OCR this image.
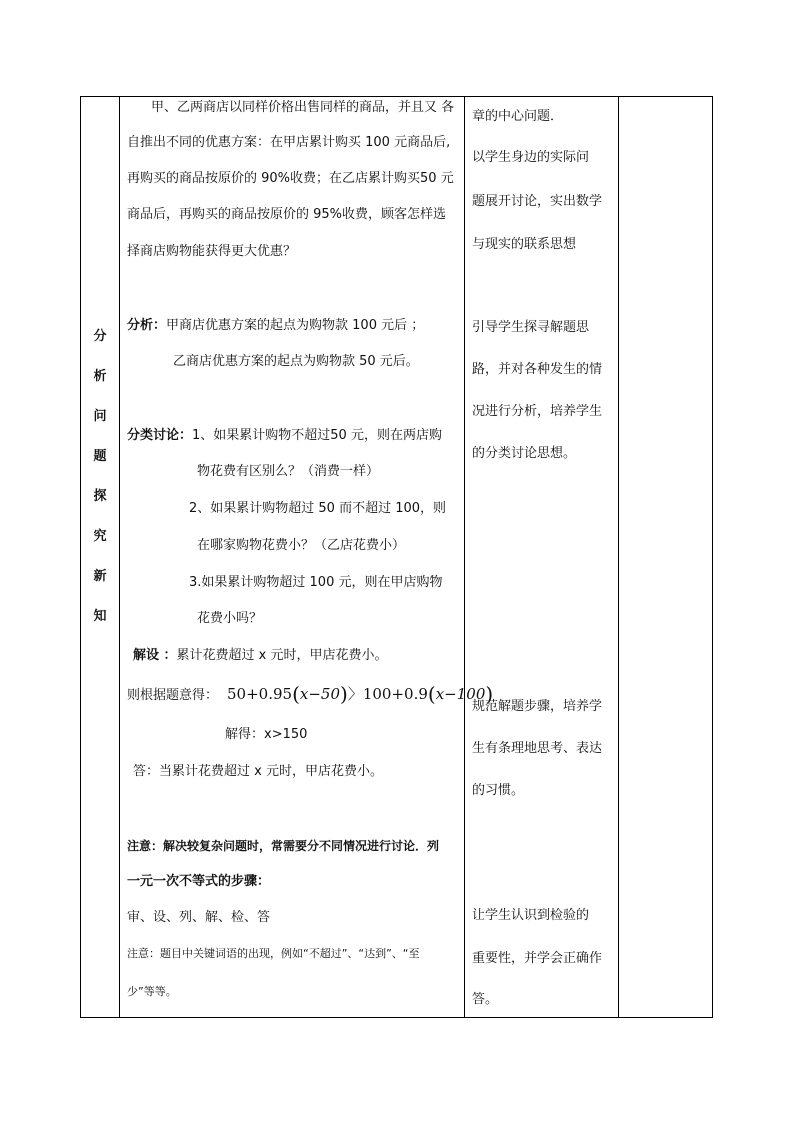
分
析
问
题
探
究
新
知
甲、乙两商店以同样价格出售同样的商品，并且又 各
自推出不同的优惠方案：在甲店累计购买 100 元商品后,
再购买的商品按原价的 90%收费；在乙店累计购买50 元
商品后，再购买的商品按原价的 95%收费，顾客怎样选
择商店购物能获得更大优惠？
分析：甲商店优惠方案的起点为购物款 100 元后 ；
乙商店优惠方案的起点为购物款 50 元后。
分类讨论：1、如果累计购物不超过50 元，则在两店购
物花费有区别么？（消费一样）
2、如果累计购物超过 50 而不超过 100，则
在哪家购物花费小？（乙店花费小）
3.如果累计购物超过 100 元，则在甲店购物
花费小吗？
解设 ：累计花费超过 x 元时，甲店花费小。
则根据题意得： 50+0.95(x−50)〉100+0.9(x−100)
解得：x>150
答：当累计花费超过 x 元时，甲店花费小。
注意：解决较复杂问题时，常需要分不同情况进行讨论．列
一元一次不等式的步骤：
审、设、列、解、检、答
注意：题目中关键词语的出现，例如“不超过”、“达到”、“至
少”等等。
章的中心问题．
以学生身边的实际问
题展开讨论，实出数学
与现实的联系思想
引导学生探寻解题思
路，并对各种发生的情
况进行分析，培养学生
的分类讨论思想。
规范解题步骤，培养学
生有条理地思考、表达
的习惯。
让学生认识到检验的
重要性，并学会正确作
答。
